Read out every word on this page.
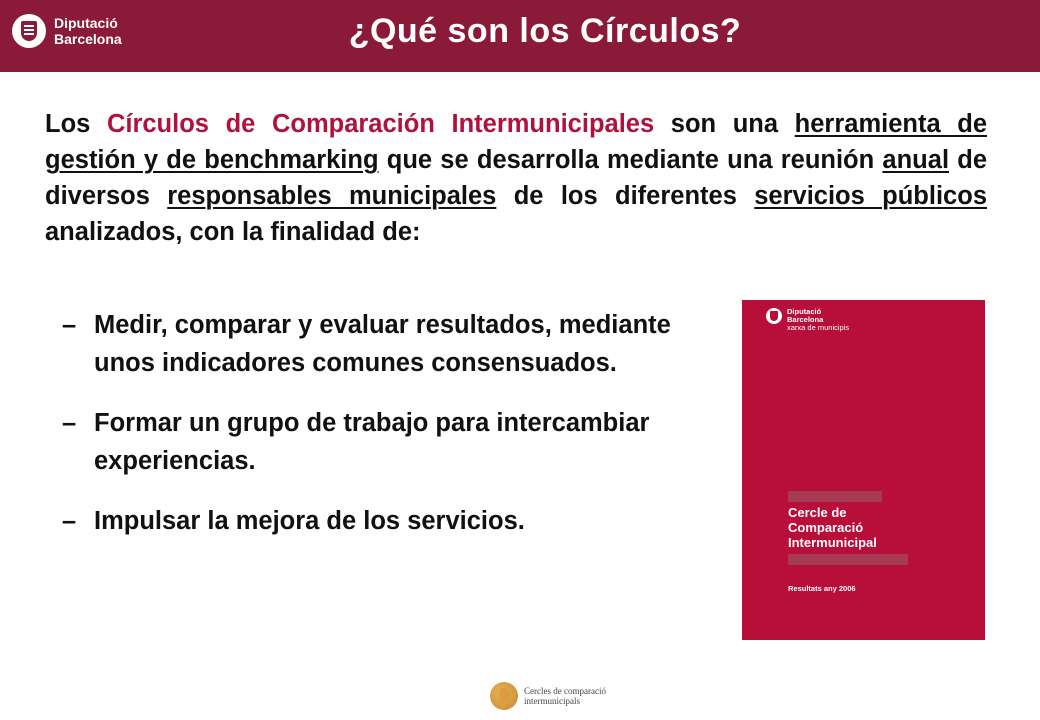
Diputació
Barcelona	¿Qué son los Círculos?
Los Círculos de Comparación Intermunicipales son una herramienta de gestión y de benchmarking que se desarrolla mediante una reunión anual de diversos responsables municipales de los diferentes servicios públicos analizados, con la finalidad de:
– Medir, comparar y evaluar resultados, mediante unos indicadores comunes consensuados.
– Formar un grupo de trabajo para intercambiar experiencias.
– Impulsar la mejora de los servicios.
Diputació
Barcelona
xarxa de municipis
Cercle de
Comparació
Intermunicipal
Resultats any 2006
Cercles de comparació
intermunicipals
